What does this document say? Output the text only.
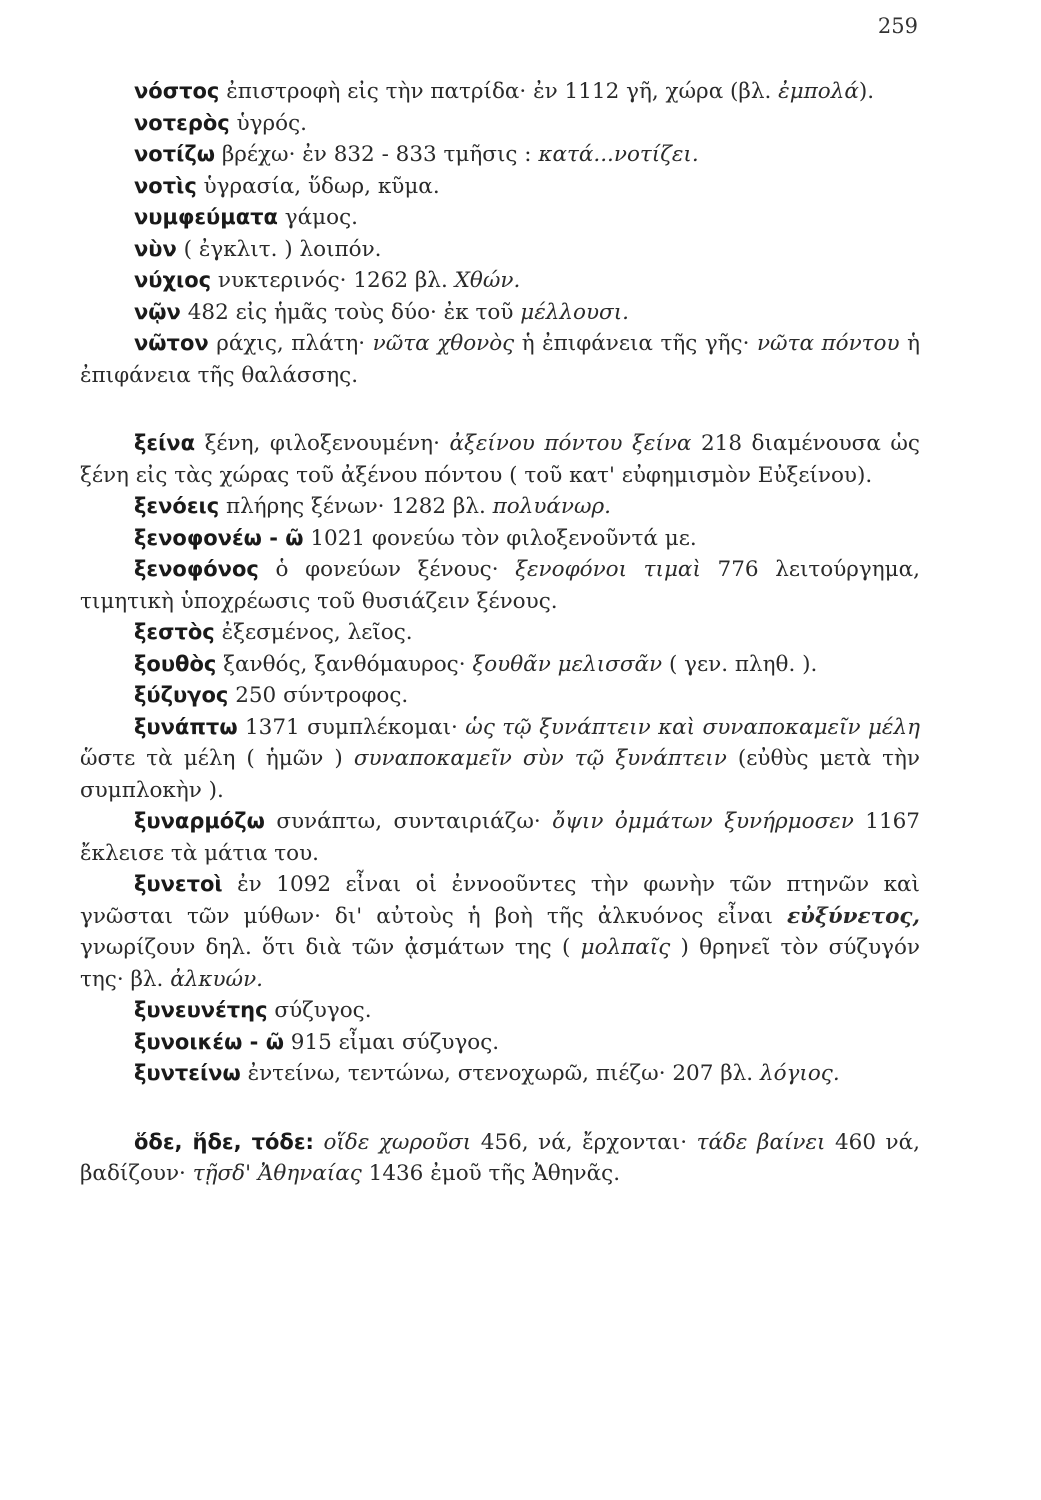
259

νόστος ἐπιστροφὴ εἰς τὴν πατρίδα· ἐν 1112 γῆ, χώρα (βλ. ἐμπολά).

νοτερὸς ὑγρός.

νοτίζω βρέχω· ἐν 832 - 833 τμῆσις : κατά...νοτίζει.

νοτὶς ὑγρασία, ὕδωρ, κῦμα.

νυμφεύματα γάμος.

νὺν ( ἐγκλιτ. ) λοιπόν.

νύχιος νυκτερινός· 1262 βλ. Χθών.

νῷν 482 εἰς ἡμᾶς τοὺς δύο· ἐκ τοῦ μέλλουσι.

νῶτον ράχις, πλάτη· νῶτα χθονὸς ἡ ἐπιφάνεια τῆς γῆς· νῶτα πόντου ἡ ἐπιφάνεια τῆς θαλάσσης.

ξείνα ξένη, φιλοξενουμένη· ἀξείνου πόντου ξείνα 218 διαμένουσα ὡς ξένη εἰς τὰς χώρας τοῦ ἀξένου πόντου ( τοῦ κατ' εὐφημισμὸν Εὐξείνου).

ξενόεις πλήρης ξένων· 1282 βλ. πολυάνωρ.

ξενοφονέω - ῶ 1021 φονεύω τὸν φιλοξενοῦντά με.

ξενοφόνος ὁ φονεύων ξένους· ξενοφόνοι τιμαὶ 776 λειτούργημα, τιμητικὴ ὑποχρέωσις τοῦ θυσιάζειν ξένους.

ξεστὸς ἐξεσμένος, λεῖος.

ξουθὸς ξανθός, ξανθόμαυρος· ξουθᾶν μελισσᾶν ( γεν. πληθ. ).

ξύζυγος 250 σύντροφος.

ξυνάπτω 1371 συμπλέκομαι· ὡς τῷ ξυνάπτειν καὶ συναποκαμεῖν μέλη ὥστε τὰ μέλη ( ἡμῶν ) συναποκαμεῖν σὺν τῷ ξυνάπτειν (εὐθὺς μετὰ τὴν συμπλοκὴν ).

ξυναρμόζω συνάπτω, συνταιριάζω· ὄψιν ὀμμάτων ξυνήρμοσεν 1167 ἔκλεισε τὰ μάτια του.

ξυνετοὶ ἐν 1092 εἶναι οἱ ἐννοοῦντες τὴν φωνὴν τῶν πτηνῶν καὶ γνῶσται τῶν μύθων· δι' αὐτοὺς ἡ βοὴ τῆς ἀλκυόνος εἶναι εὐξύνετος, γνωρίζουν δηλ. ὅτι διὰ τῶν ᾀσμάτων της ( μολπαῖς ) θρηνεῖ τὸν σύζυγόν της· βλ. ἀλκυών.

ξυνευνέτης σύζυγος.

ξυνοικέω - ῶ 915 εἶμαι σύζυγος.

ξυντείνω ἐντείνω, τεντώνω, στενοχωρῶ, πιέζω· 207 βλ. λόγιος.

ὅδε, ἥδε, τόδε: οἵδε χωροῦσι 456, νά, ἔρχονται· τάδε βαίνει 460 νά, βαδίζουν· τῇσδ' Ἀθηναίας 1436 ἐμοῦ τῆς Ἀθηνᾶς.
